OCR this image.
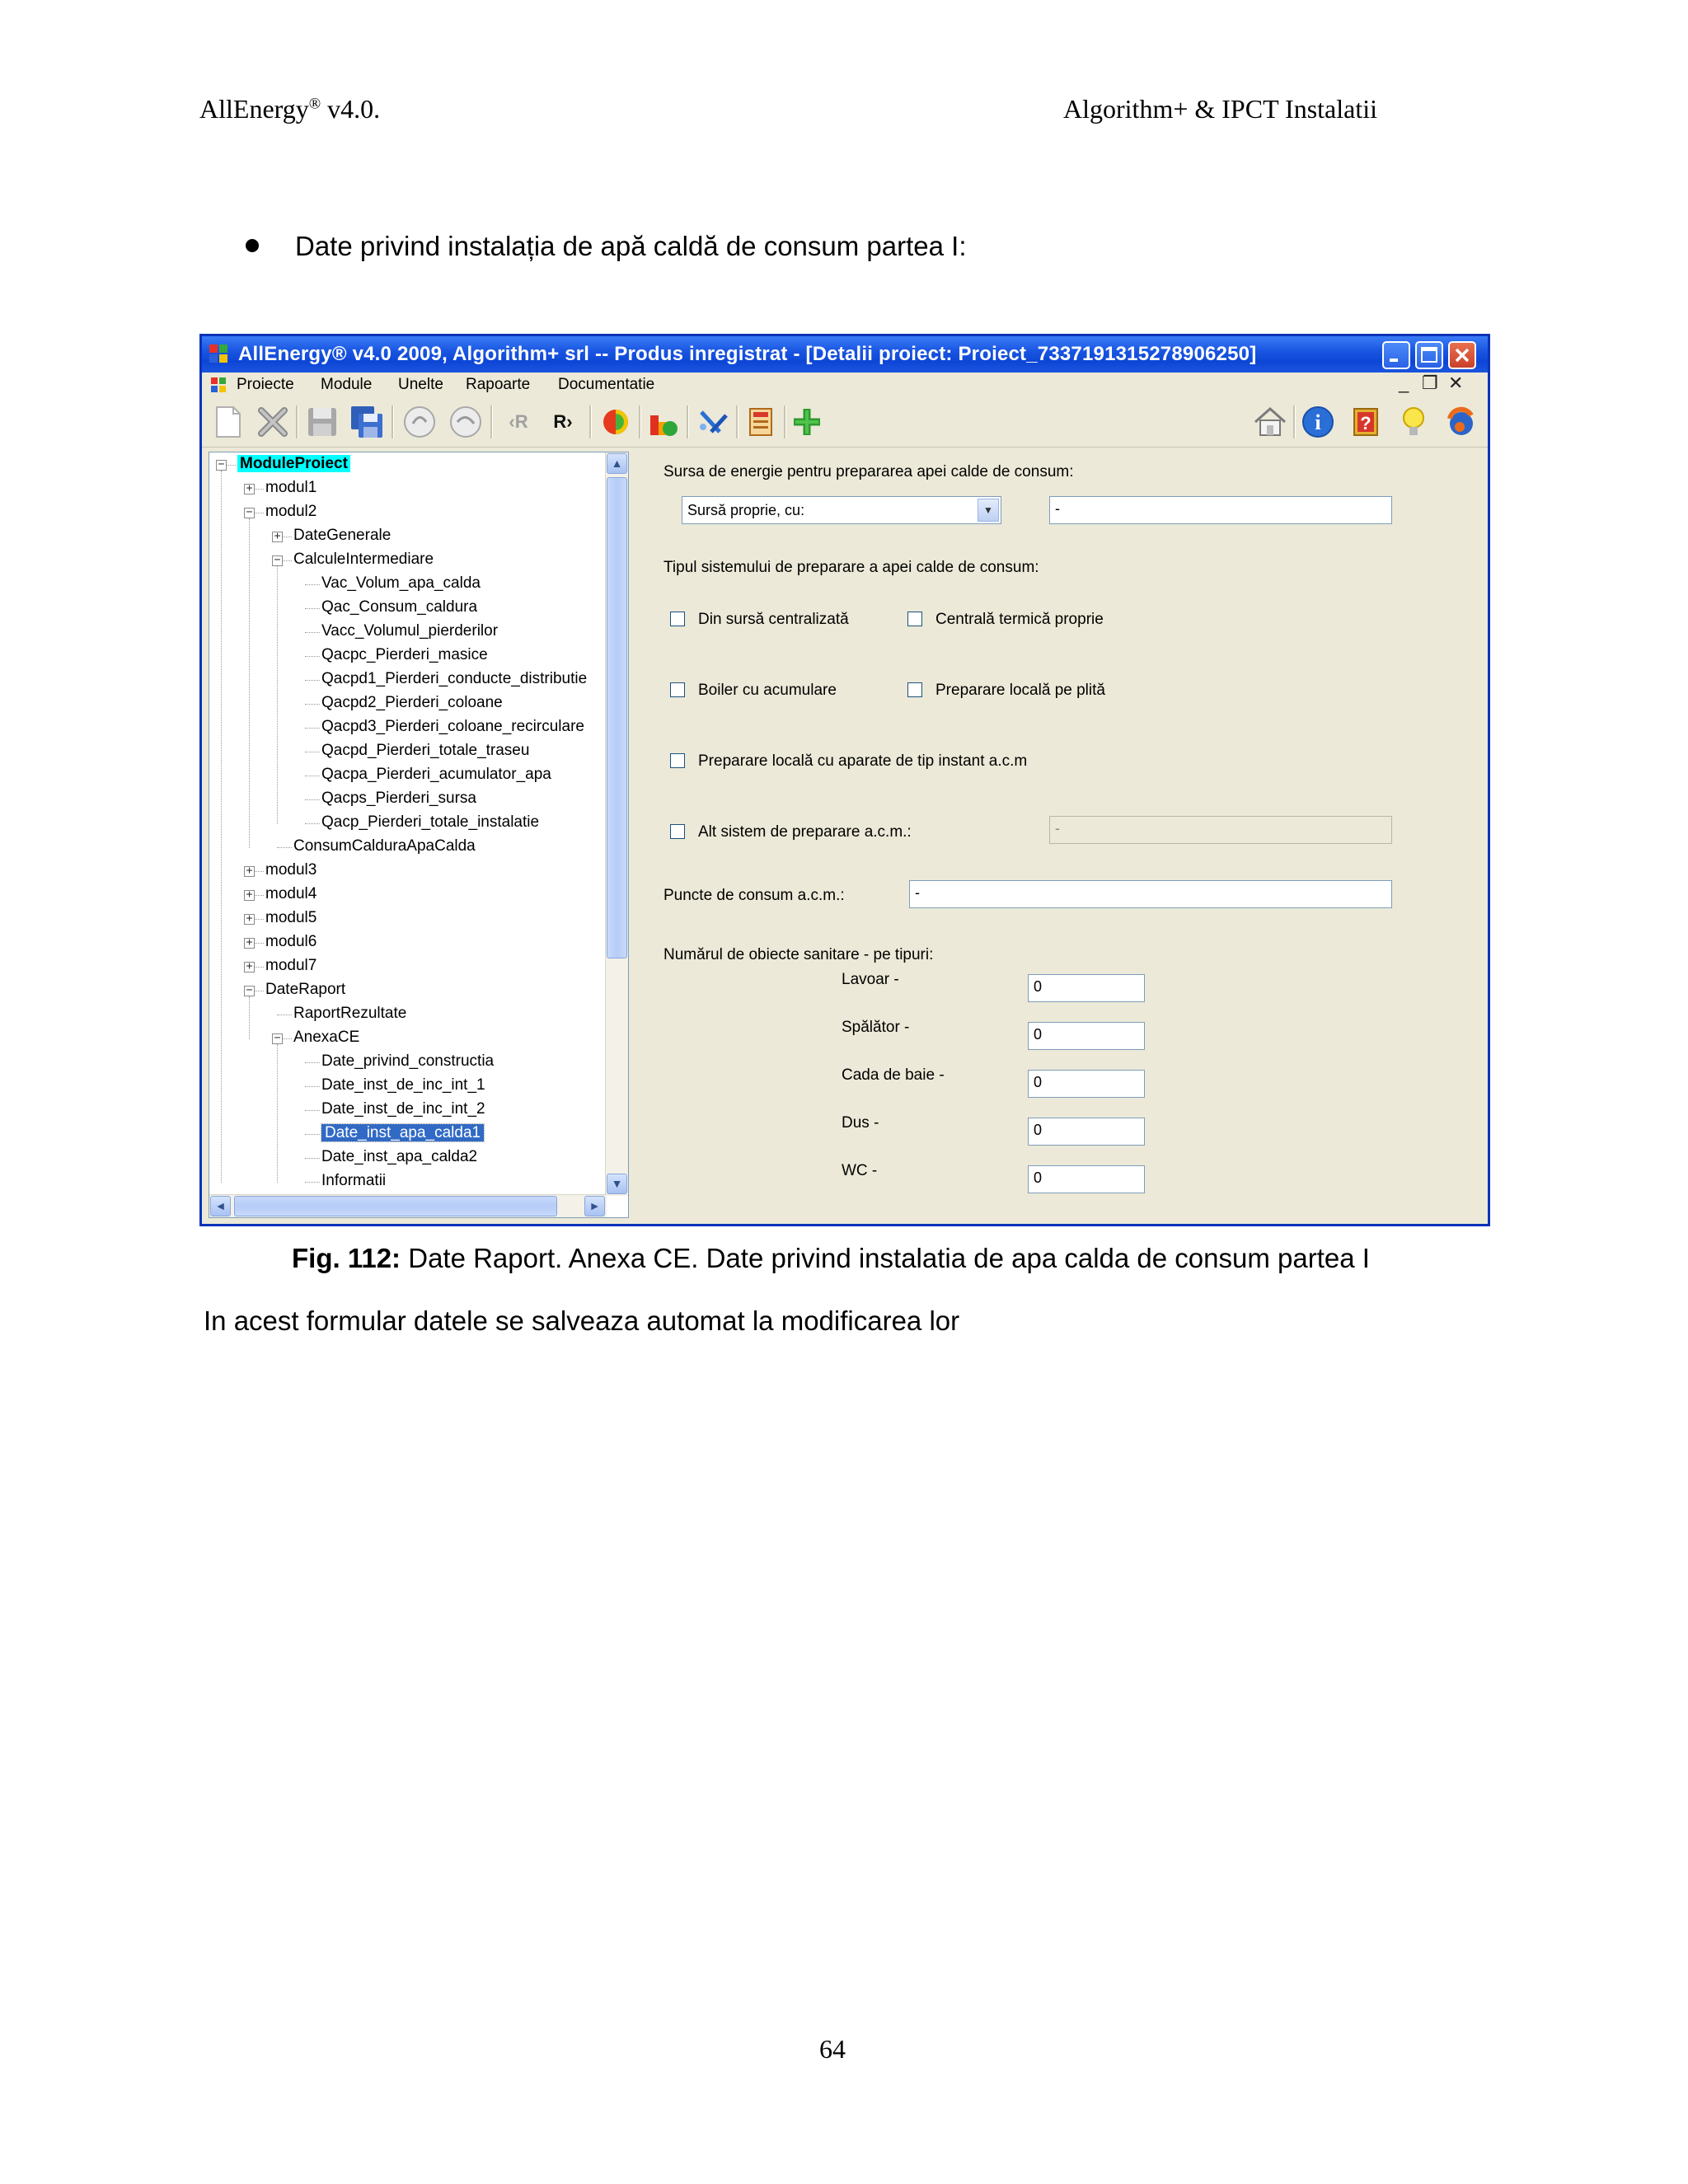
AllEnergy® v4.0.	Algorithm+ & IPCT Instalatii
Date privind instalația de apă caldă de consum partea I:
AllEnergy® v4.0 2009, Algorithm+ srl -- Produs inregistrat - [Detalii proiect: Proiect_7337191315278906250]
Proiecte Module Unelte Rapoarte Documentatie	_ ❐ ✕
‹R	R›	i ?
ModuleProiect
−
modul1
+
modul2
−
DateGenerale
+
CalculeIntermediare
−
Vac_Volum_apa_calda
Qac_Consum_caldura
Vacc_Volumul_pierderilor
Qacpc_Pierderi_masice
Qacpd1_Pierderi_conducte_distributie
Qacpd2_Pierderi_coloane
Qacpd3_Pierderi_coloane_recirculare
Qacpd_Pierderi_totale_traseu
Qacpa_Pierderi_acumulator_apa
Qacps_Pierderi_sursa
Qacp_Pierderi_totale_instalatie
ConsumCalduraApaCalda
modul3
+
modul4
+
modul5
+
modul6
+
modul7
+
DateRaport
−
RaportRezultate
AnexaCE
−
Date_privind_constructia
Date_inst_de_inc_int_1
Date_inst_de_inc_int_2
Date_inst_apa_calda1
Date_inst_apa_calda2
Informatii
▲
▼
◄	►
Sursa de energie pentru prepararea apei calde de consum:
Sursă proprie, cu:	▼	-
Tipul sistemului de preparare a apei calde de consum:
Din sursă centralizată	Centrală termică proprie
Boiler cu acumulare	Preparare locală pe plită
Preparare locală cu aparate de tip instant a.c.m
Alt sistem de preparare a.c.m.:	-
Puncte de consum a.c.m.:	-
Numărul de obiecte sanitare - pe tipuri:
Lavoar -	0
Spălător -	0
Cada de baie -	0
Dus -	0
WC -	0
Fig. 112: Date Raport. Anexa CE. Date privind instalatia de apa calda de consum partea I
In acest formular datele se salveaza automat la modificarea lor
64
